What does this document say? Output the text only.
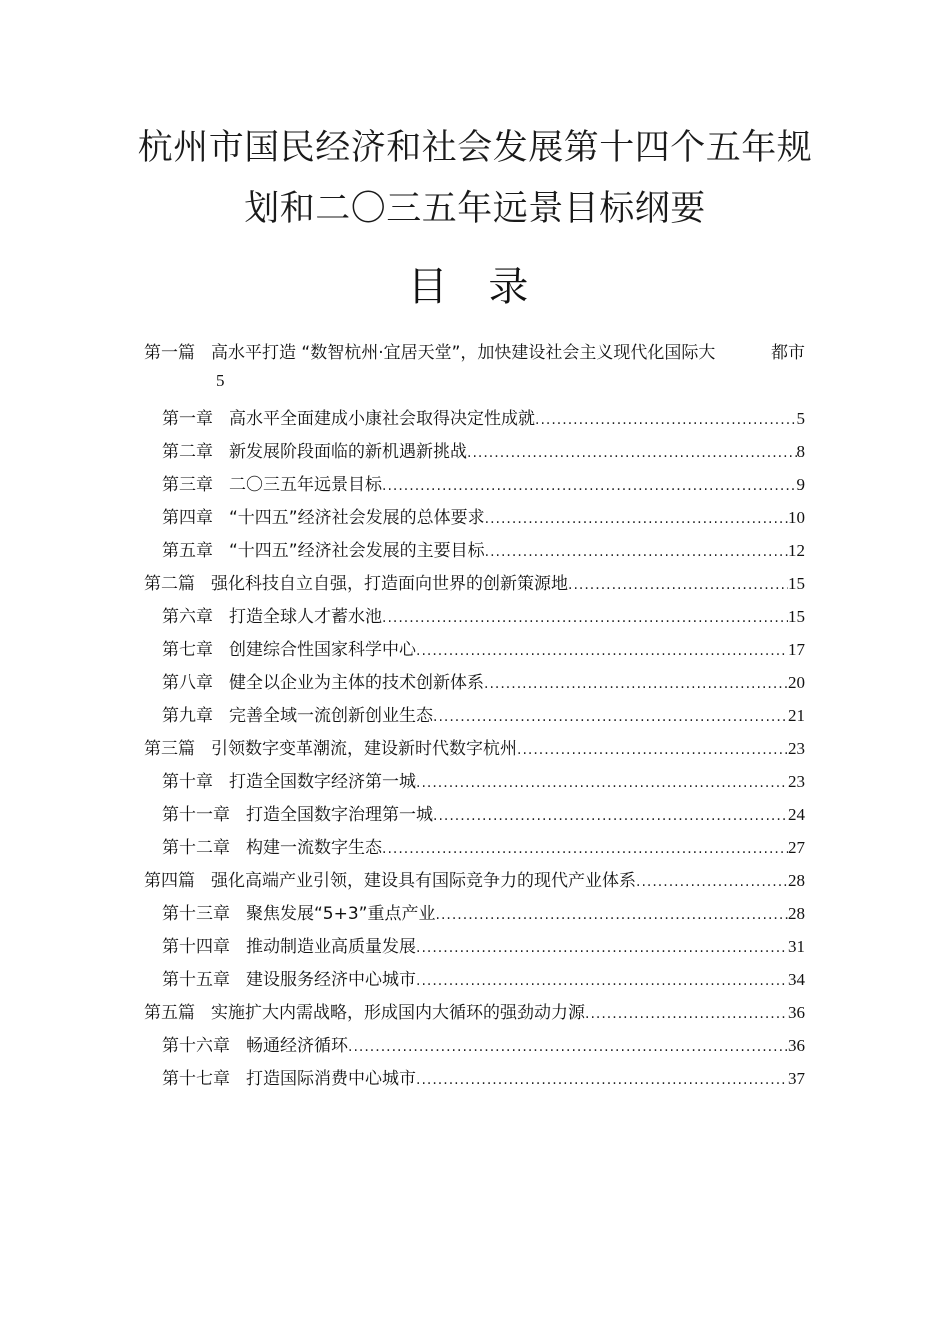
杭州市国民经济和社会发展第十四个五年规
划和二〇三五年远景目标纲要
目 录
第一篇 高水平打造 “数智杭州·宜居天堂”，加快建设社会主义现代化国际大	都市
5
第一章 高水平全面建成小康社会取得决定性成就 .....	5
第二章 新发展阶段面临的新机遇新挑战 .....	8
第三章 二〇三五年远景目标 .....	9
第四章 “十四五”经济社会发展的总体要求 .....	10
第五章 “十四五”经济社会发展的主要目标 .....	12
第二篇 强化科技自立自强，打造面向世界的创新策源地 .....	15
第六章 打造全球人才蓄水池 .....	15
第七章 创建综合性国家科学中心 .....	17
第八章 健全以企业为主体的技术创新体系 .....	20
第九章 完善全域一流创新创业生态 .....	21
第三篇 引领数字变革潮流，建设新时代数字杭州 .....	23
第十章 打造全国数字经济第一城 .....	23
第十一章 打造全国数字治理第一城 .....	24
第十二章 构建一流数字生态 .....	27
第四篇 强化高端产业引领，建设具有国际竞争力的现代产业体系 .....	28
第十三章 聚焦发展“5+3”重点产业 .....	28
第十四章 推动制造业高质量发展 .....	31
第十五章 建设服务经济中心城市 .....	34
第五篇 实施扩大内需战略，形成国内大循环的强劲动力源 .....	36
第十六章 畅通经济循环 .....	36
第十七章 打造国际消费中心城市 .....	37
